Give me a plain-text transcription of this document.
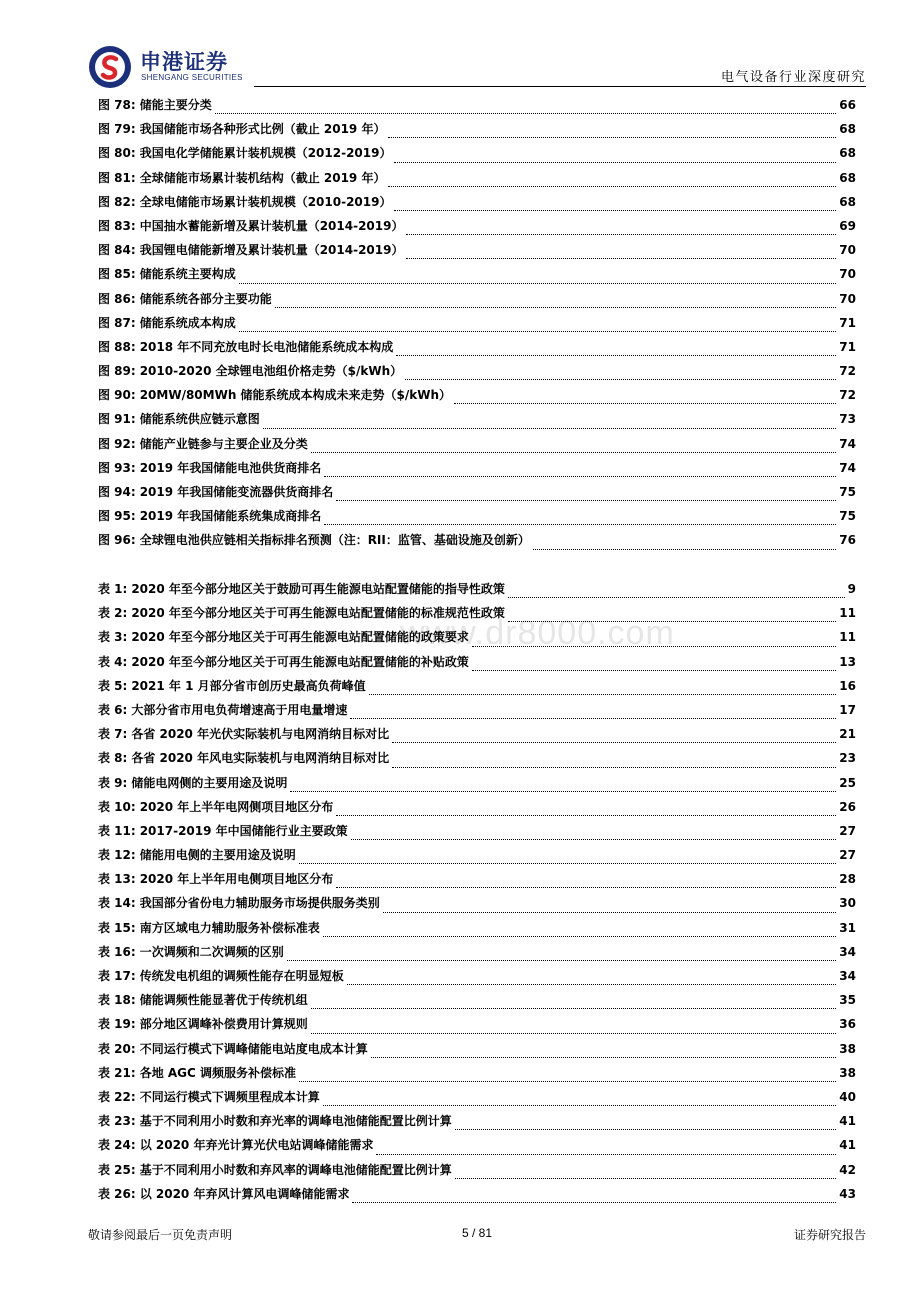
申港证券
SHENGANG SECURITIES	电气设备行业深度研究
www.dr8000.com
图 78: 储能主要分类	66
图 79: 我国储能市场各种形式比例（截止 2019 年）	68
图 80: 我国电化学储能累计装机规模（2012-2019）	68
图 81: 全球储能市场累计装机结构（截止 2019 年）	68
图 82: 全球电储能市场累计装机规模（2010-2019）	68
图 83: 中国抽水蓄能新增及累计装机量（2014-2019）	69
图 84: 我国锂电储能新增及累计装机量（2014-2019）	70
图 85: 储能系统主要构成	70
图 86: 储能系统各部分主要功能	70
图 87: 储能系统成本构成	71
图 88: 2018 年不同充放电时长电池储能系统成本构成	71
图 89: 2010-2020 全球锂电池组价格走势（$/kWh）	72
图 90: 20MW/80MWh 储能系统成本构成未来走势（$/kWh）	72
图 91: 储能系统供应链示意图	73
图 92: 储能产业链参与主要企业及分类	74
图 93: 2019 年我国储能电池供货商排名	74
图 94: 2019 年我国储能变流器供货商排名	75
图 95: 2019 年我国储能系统集成商排名	75
图 96: 全球锂电池供应链相关指标排名预测（注：RII：监管、基础设施及创新）	76
表 1: 2020 年至今部分地区关于鼓励可再生能源电站配置储能的指导性政策	9
表 2: 2020 年至今部分地区关于可再生能源电站配置储能的标准规范性政策	11
表 3: 2020 年至今部分地区关于可再生能源电站配置储能的政策要求	11
表 4: 2020 年至今部分地区关于可再生能源电站配置储能的补贴政策	13
表 5: 2021 年 1 月部分省市创历史最高负荷峰值	16
表 6: 大部分省市用电负荷增速高于用电量增速	17
表 7: 各省 2020 年光伏实际装机与电网消纳目标对比	21
表 8: 各省 2020 年风电实际装机与电网消纳目标对比	23
表 9: 储能电网侧的主要用途及说明	25
表 10: 2020 年上半年电网侧项目地区分布	26
表 11: 2017-2019 年中国储能行业主要政策	27
表 12: 储能用电侧的主要用途及说明	27
表 13: 2020 年上半年用电侧项目地区分布	28
表 14: 我国部分省份电力辅助服务市场提供服务类别	30
表 15: 南方区域电力辅助服务补偿标准表	31
表 16: 一次调频和二次调频的区别	34
表 17: 传统发电机组的调频性能存在明显短板	34
表 18: 储能调频性能显著优于传统机组	35
表 19: 部分地区调峰补偿费用计算规则	36
表 20: 不同运行模式下调峰储能电站度电成本计算	38
表 21: 各地 AGC 调频服务补偿标准	38
表 22: 不同运行模式下调频里程成本计算	40
表 23: 基于不同利用小时数和弃光率的调峰电池储能配置比例计算	41
表 24: 以 2020 年弃光计算光伏电站调峰储能需求	41
表 25: 基于不同利用小时数和弃风率的调峰电池储能配置比例计算	42
表 26: 以 2020 年弃风计算风电调峰储能需求	43
敬请参阅最后一页免责声明	5 / 81	证券研究报告
